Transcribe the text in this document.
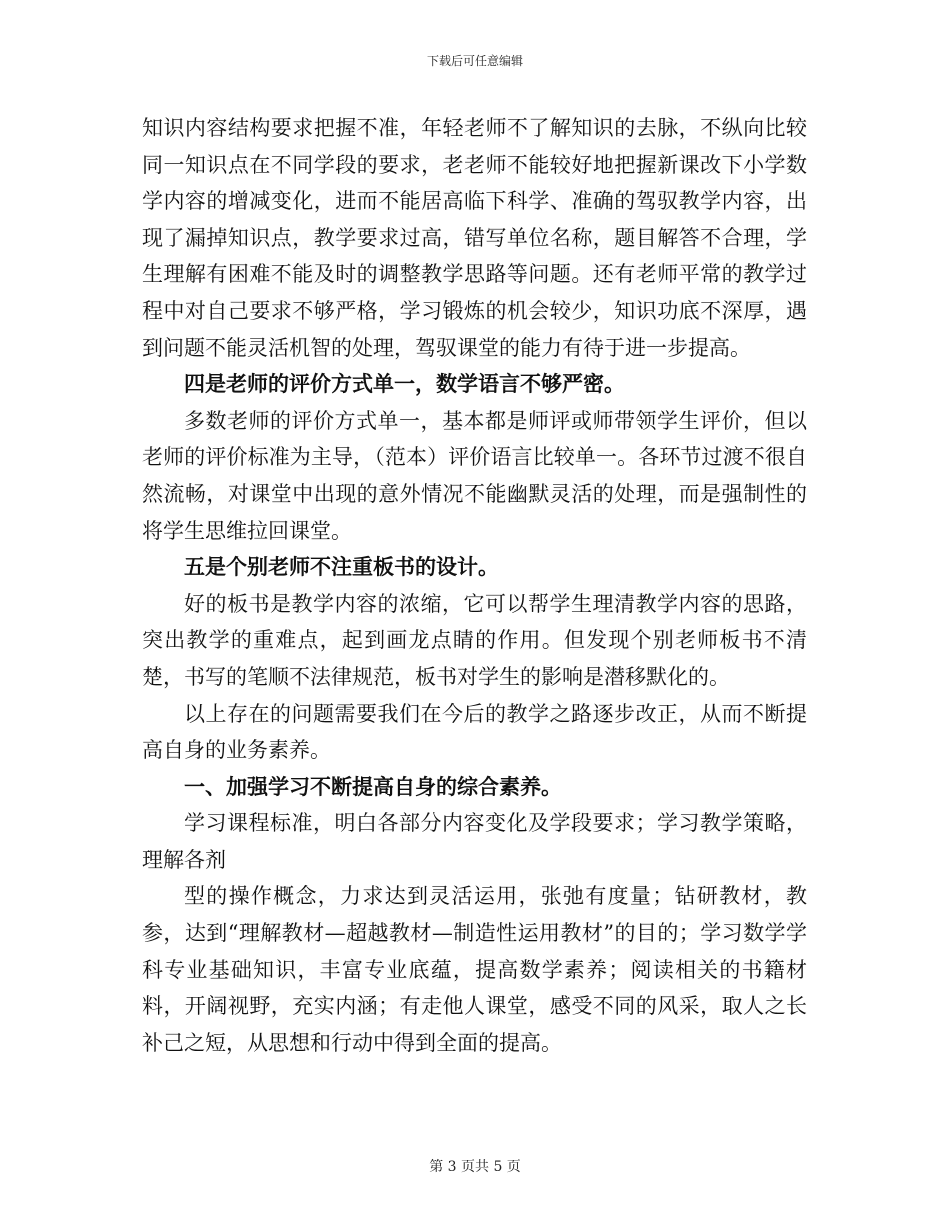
下载后可任意编辑

知识内容结构要求把握不准，年轻老师不了解知识的去脉，不纵向比较同一知识点在不同学段的要求，老老师不能较好地把握新课改下小学数学内容的增减变化，进而不能居高临下科学、准确的驾驭教学内容，出现了漏掉知识点，教学要求过高，错写单位名称，题目解答不合理，学生理解有困难不能及时的调整教学思路等问题。还有老师平常的教学过程中对自己要求不够严格，学习锻炼的机会较少，知识功底不深厚，遇到问题不能灵活机智的处理，驾驭课堂的能力有待于进一步提高。

四是老师的评价方式单一，数学语言不够严密。

多数老师的评价方式单一，基本都是师评或师带领学生评价，但以老师的评价标准为主导，（范本）评价语言比较单一。各环节过渡不很自然流畅，对课堂中出现的意外情况不能幽默灵活的处理，而是强制性的将学生思维拉回课堂。

五是个别老师不注重板书的设计。

好的板书是教学内容的浓缩，它可以帮学生理清教学内容的思路，突出教学的重难点，起到画龙点睛的作用。但发现个别老师板书不清楚，书写的笔顺不法律规范，板书对学生的影响是潜移默化的。

以上存在的问题需要我们在今后的教学之路逐步改正，从而不断提高自身的业务素养。

一、加强学习不断提高自身的综合素养。

学习课程标准，明白各部分内容变化及学段要求；学习教学策略，理解各剂

型的操作概念，力求达到灵活运用，张弛有度量；钻研教材，教参，达到“理解教材—超越教材—制造性运用教材”的目的；学习数学学科专业基础知识，丰富专业底蕴，提高数学素养；阅读相关的书籍材料，开阔视野，充实内涵；有走他人课堂，感受不同的风采，取人之长补己之短，从思想和行动中得到全面的提高。

第 3 页共 5 页
